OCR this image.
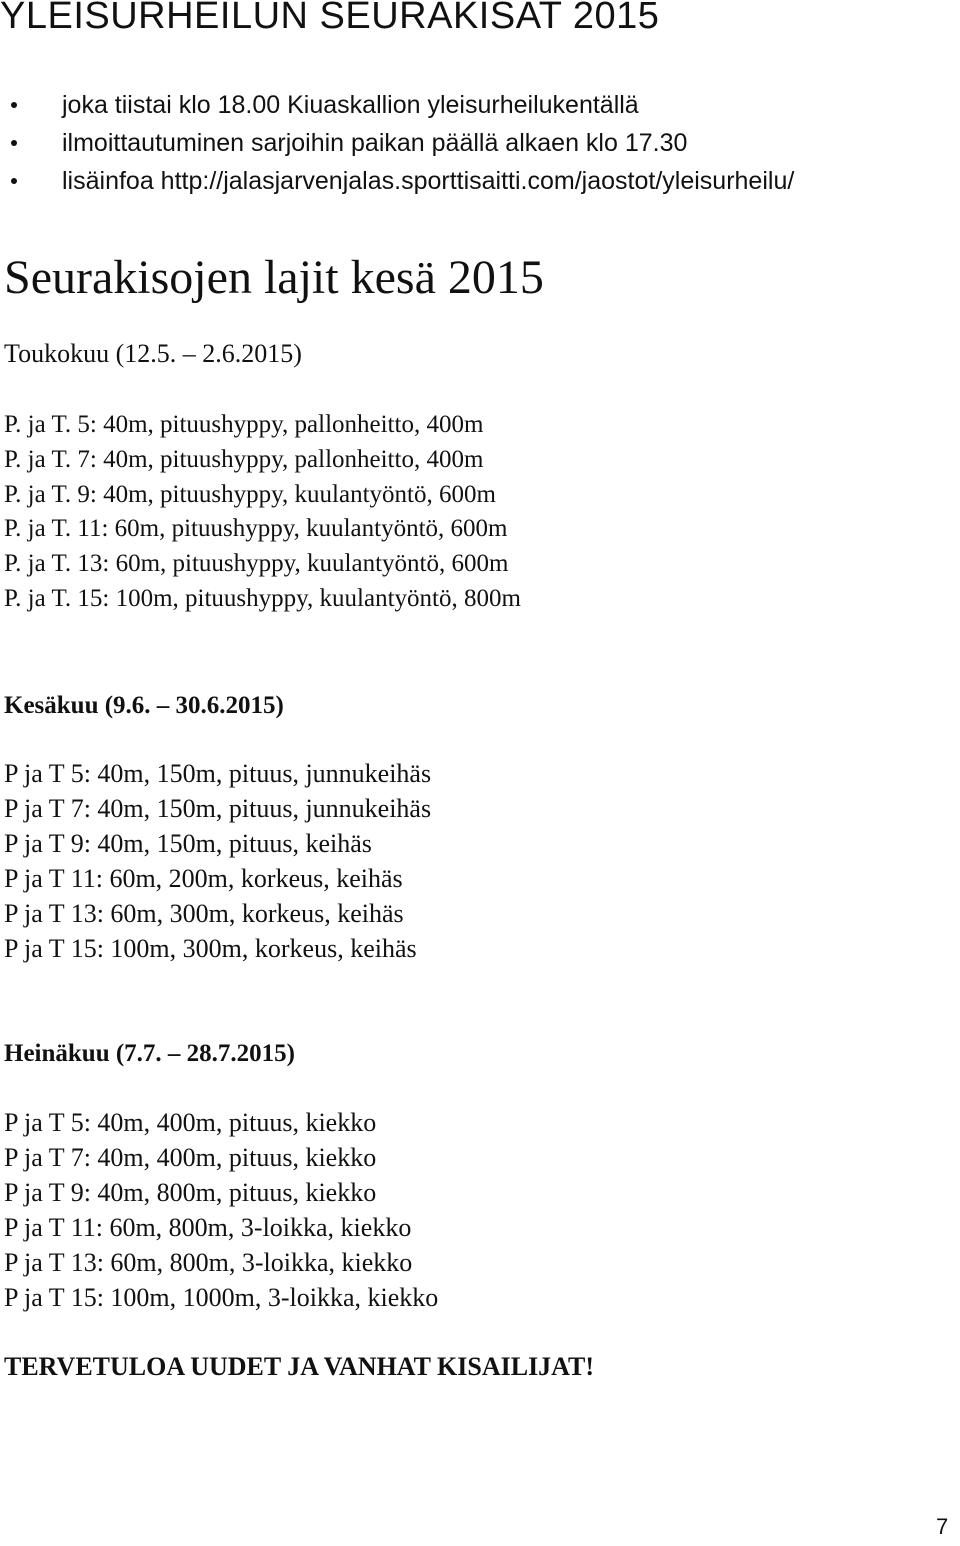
YLEISURHEILUN SEURAKISAT 2015
joka tiistai klo 18.00 Kiuaskallion yleisurheilukentällä
ilmoittautuminen sarjoihin paikan päällä alkaen klo 17.30
lisäinfoa http://jalasjarvenjalas.sporttisaitti.com/jaostot/yleisurheilu/
Seurakisojen lajit kesä 2015
Toukokuu (12.5. – 2.6.2015)
P. ja T. 5: 40m, pituushyppy, pallonheitto, 400m
P. ja T. 7: 40m, pituushyppy, pallonheitto, 400m
P. ja T. 9: 40m, pituushyppy, kuulantyöntö, 600m
P. ja T. 11: 60m, pituushyppy, kuulantyöntö, 600m
P. ja T. 13: 60m, pituushyppy, kuulantyöntö, 600m
P. ja T. 15: 100m, pituushyppy, kuulantyöntö, 800m
Kesäkuu (9.6. – 30.6.2015)
P ja T 5: 40m, 150m, pituus, junnukeihäs
P ja T 7: 40m, 150m, pituus, junnukeihäs
P ja T 9: 40m, 150m, pituus, keihäs
P ja T 11: 60m, 200m, korkeus, keihäs
P ja T 13: 60m, 300m, korkeus, keihäs
P ja T 15: 100m, 300m, korkeus, keihäs
Heinäkuu (7.7. – 28.7.2015)
P ja T 5: 40m, 400m, pituus, kiekko
P ja T 7: 40m, 400m, pituus, kiekko
P ja T 9: 40m, 800m, pituus, kiekko
P ja T 11: 60m, 800m, 3-loikka, kiekko
P ja T 13: 60m, 800m, 3-loikka, kiekko
P ja T 15: 100m, 1000m, 3-loikka, kiekko
TERVETULOA UUDET JA VANHAT KISAILIJAT!
7
